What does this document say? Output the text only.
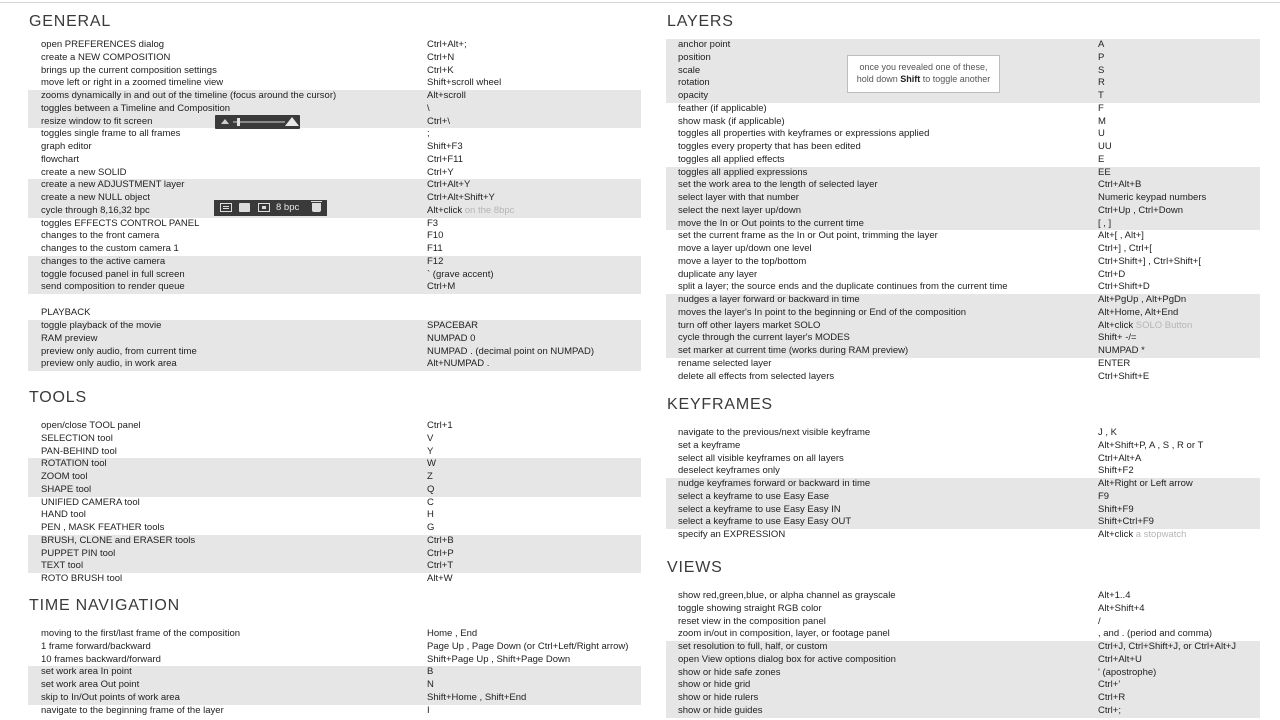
GENERAL
open PREFERENCES dialog	Ctrl+Alt+;
create a NEW COMPOSITION	Ctrl+N
brings up the current composition settings	Ctrl+K
move left or right in a zoomed timeline view	Shift+scroll wheel
zooms dynamically in and out of the timeline (focus around the cursor)	Alt+scroll
toggles between a Timeline and Composition	\
resize window to fit screen	Ctrl+\
toggles single frame to all frames	;
graph editor	Shift+F3
flowchart	Ctrl+F11
create a new SOLID	Ctrl+Y
create a new ADJUSTMENT layer	Ctrl+Alt+Y
create a new NULL object	Ctrl+Alt+Shift+Y
cycle through 8,16,32 bpc	Alt+click on the 8bpc
toggles EFFECTS CONTROL PANEL	F3
changes to the front camera	F10
changes to the custom camera 1	F11
changes to the active camera	F12
toggle focused panel in full screen	` (grave accent)
send composition to render queue	Ctrl+M
PLAYBACK
toggle playback of the movie	SPACEBAR
RAM preview	NUMPAD 0
preview only audio, from current time	NUMPAD . (decimal point on NUMPAD)
preview only audio, in work area	Alt+NUMPAD .
TOOLS
open/close TOOL panel	Ctrl+1
SELECTION tool	V
PAN-BEHIND tool	Y
ROTATION tool	W
ZOOM tool	Z
SHAPE tool	Q
UNIFIED CAMERA tool	C
HAND tool	H
PEN , MASK FEATHER tools	G
BRUSH, CLONE and ERASER tools	Ctrl+B
PUPPET PIN tool	Ctrl+P
TEXT tool	Ctrl+T
ROTO BRUSH tool	Alt+W
TIME NAVIGATION
moving to the first/last frame of the composition	Home , End
1 frame forward/backward	Page Up , Page Down (or Ctrl+Left/Right arrow)
10 frames backward/forward	Shift+Page Up , Shift+Page Down
set work area In point	B
set work area Out point	N
skip to In/Out points of work area	Shift+Home , Shift+End
navigate to the beginning frame of the layer	I
LAYERS
anchor point	A
position	P
scale	S
rotation	R
opacity	T
feather (if applicable)	F
show mask (if applicable)	M
toggles all properties with keyframes or expressions applied	U
toggles every property that has been edited	UU
toggles all applied effects	E
toggles all applied expressions	EE
set the work area to the length of selected layer	Ctrl+Alt+B
select layer with that number	Numeric keypad numbers
select the next layer up/down	Ctrl+Up , Ctrl+Down
move the In or Out points to the current time	[ , ]
set the current frame as the In or Out point, trimming the layer	Alt+[ , Alt+]
move a layer up/down one level	Ctrl+] , Ctrl+[
move a layer to the top/bottom	Ctrl+Shift+] , Ctrl+Shift+[
duplicate any layer	Ctrl+D
split a layer; the source ends and the duplicate continues from the current time	Ctrl+Shift+D
nudges a layer forward or backward in time	Alt+PgUp , Alt+PgDn
moves the layer's In point to the beginning or End of the composition	Alt+Home, Alt+End
turn off other layers market SOLO	Alt+click SOLO Button
cycle through the current layer's MODES	Shift+ -/=
set marker at current time (works during RAM preview)	NUMPAD *
rename selected layer	ENTER
delete all effects from selected layers	Ctrl+Shift+E
KEYFRAMES
navigate to the previous/next visible keyframe	J , K
set a keyframe	Alt+Shift+P, A , S , R or T
select all visible keyframes on all layers	Ctrl+Alt+A
deselect keyframes only	Shift+F2
nudge keyframes forward or backward in time	Alt+Right or Left arrow
select a keyframe to use Easy Ease	F9
select a keyframe to use Easy Easy IN	Shift+F9
select a keyframe to use Easy Easy OUT	Shift+Ctrl+F9
specify an EXPRESSION	Alt+click a stopwatch
VIEWS
show red,green,blue, or alpha channel as grayscale	Alt+1..4
toggle showing straight RGB color	Alt+Shift+4
reset view in the composition panel	/
zoom in/out in composition, layer, or footage panel	, and . (period and comma)
set resolution to full, half, or custom	Ctrl+J, Ctrl+Shift+J, or Ctrl+Alt+J
open View options dialog box for active composition	Ctrl+Alt+U
show or hide safe zones	' (apostrophe)
show or hide grid	Ctrl+'
show or hide rulers	Ctrl+R
show or hide guides	Ctrl+;
8 bpc
once you revealed one of these,
hold down Shift to toggle another
